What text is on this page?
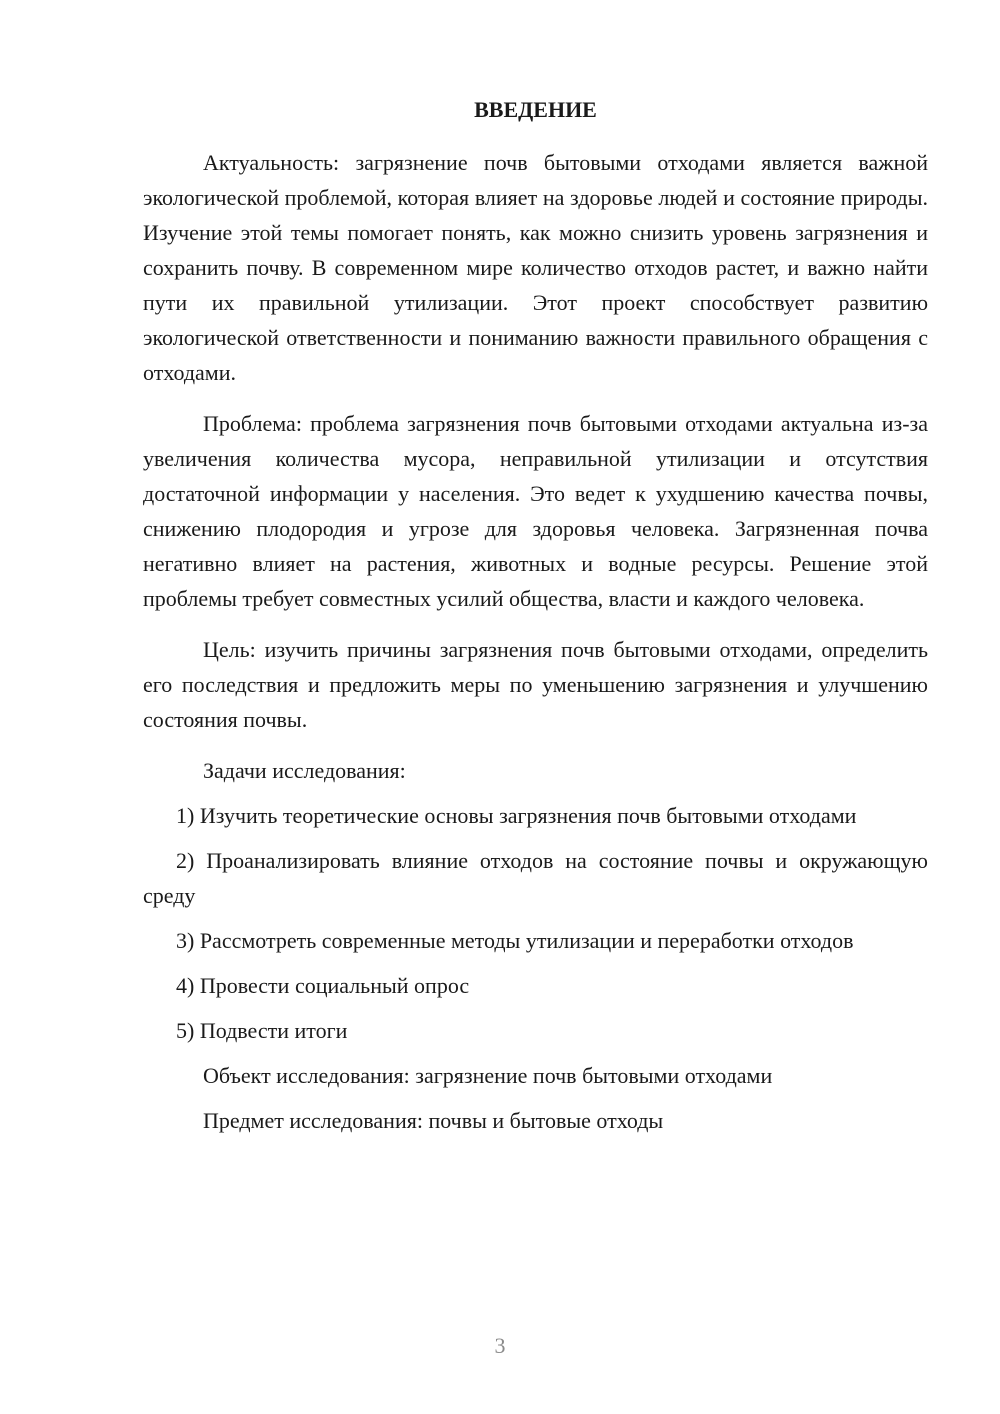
ВВЕДЕНИЕ

Актуальность: загрязнение почв бытовыми отходами является важной экологической проблемой, которая влияет на здоровье людей и состояние природы. Изучение этой темы помогает понять, как можно снизить уровень загрязнения и сохранить почву. В современном мире количество отходов растет, и важно найти пути их правильной утилизации. Этот проект способствует развитию экологической ответственности и пониманию важности правильного обращения с отходами.

Проблема: проблема загрязнения почв бытовыми отходами актуальна из-за увеличения количества мусора, неправильной утилизации и отсутствия достаточной информации у населения. Это ведет к ухудшению качества почвы, снижению плодородия и угрозе для здоровья человека. Загрязненная почва негативно влияет на растения, животных и водные ресурсы. Решение этой проблемы требует совместных усилий общества, власти и каждого человека.

Цель: изучить причины загрязнения почв бытовыми отходами, определить его последствия и предложить меры по уменьшению загрязнения и улучшению состояния почвы.

Задачи исследования:

1) Изучить теоретические основы загрязнения почв бытовыми отходами

2) Проанализировать влияние отходов на состояние почвы и окружающую среду

3) Рассмотреть современные методы утилизации и переработки отходов

4) Провести социальный опрос

5) Подвести итоги

Объект исследования: загрязнение почв бытовыми отходами

Предмет исследования: почвы и бытовые отходы

3
